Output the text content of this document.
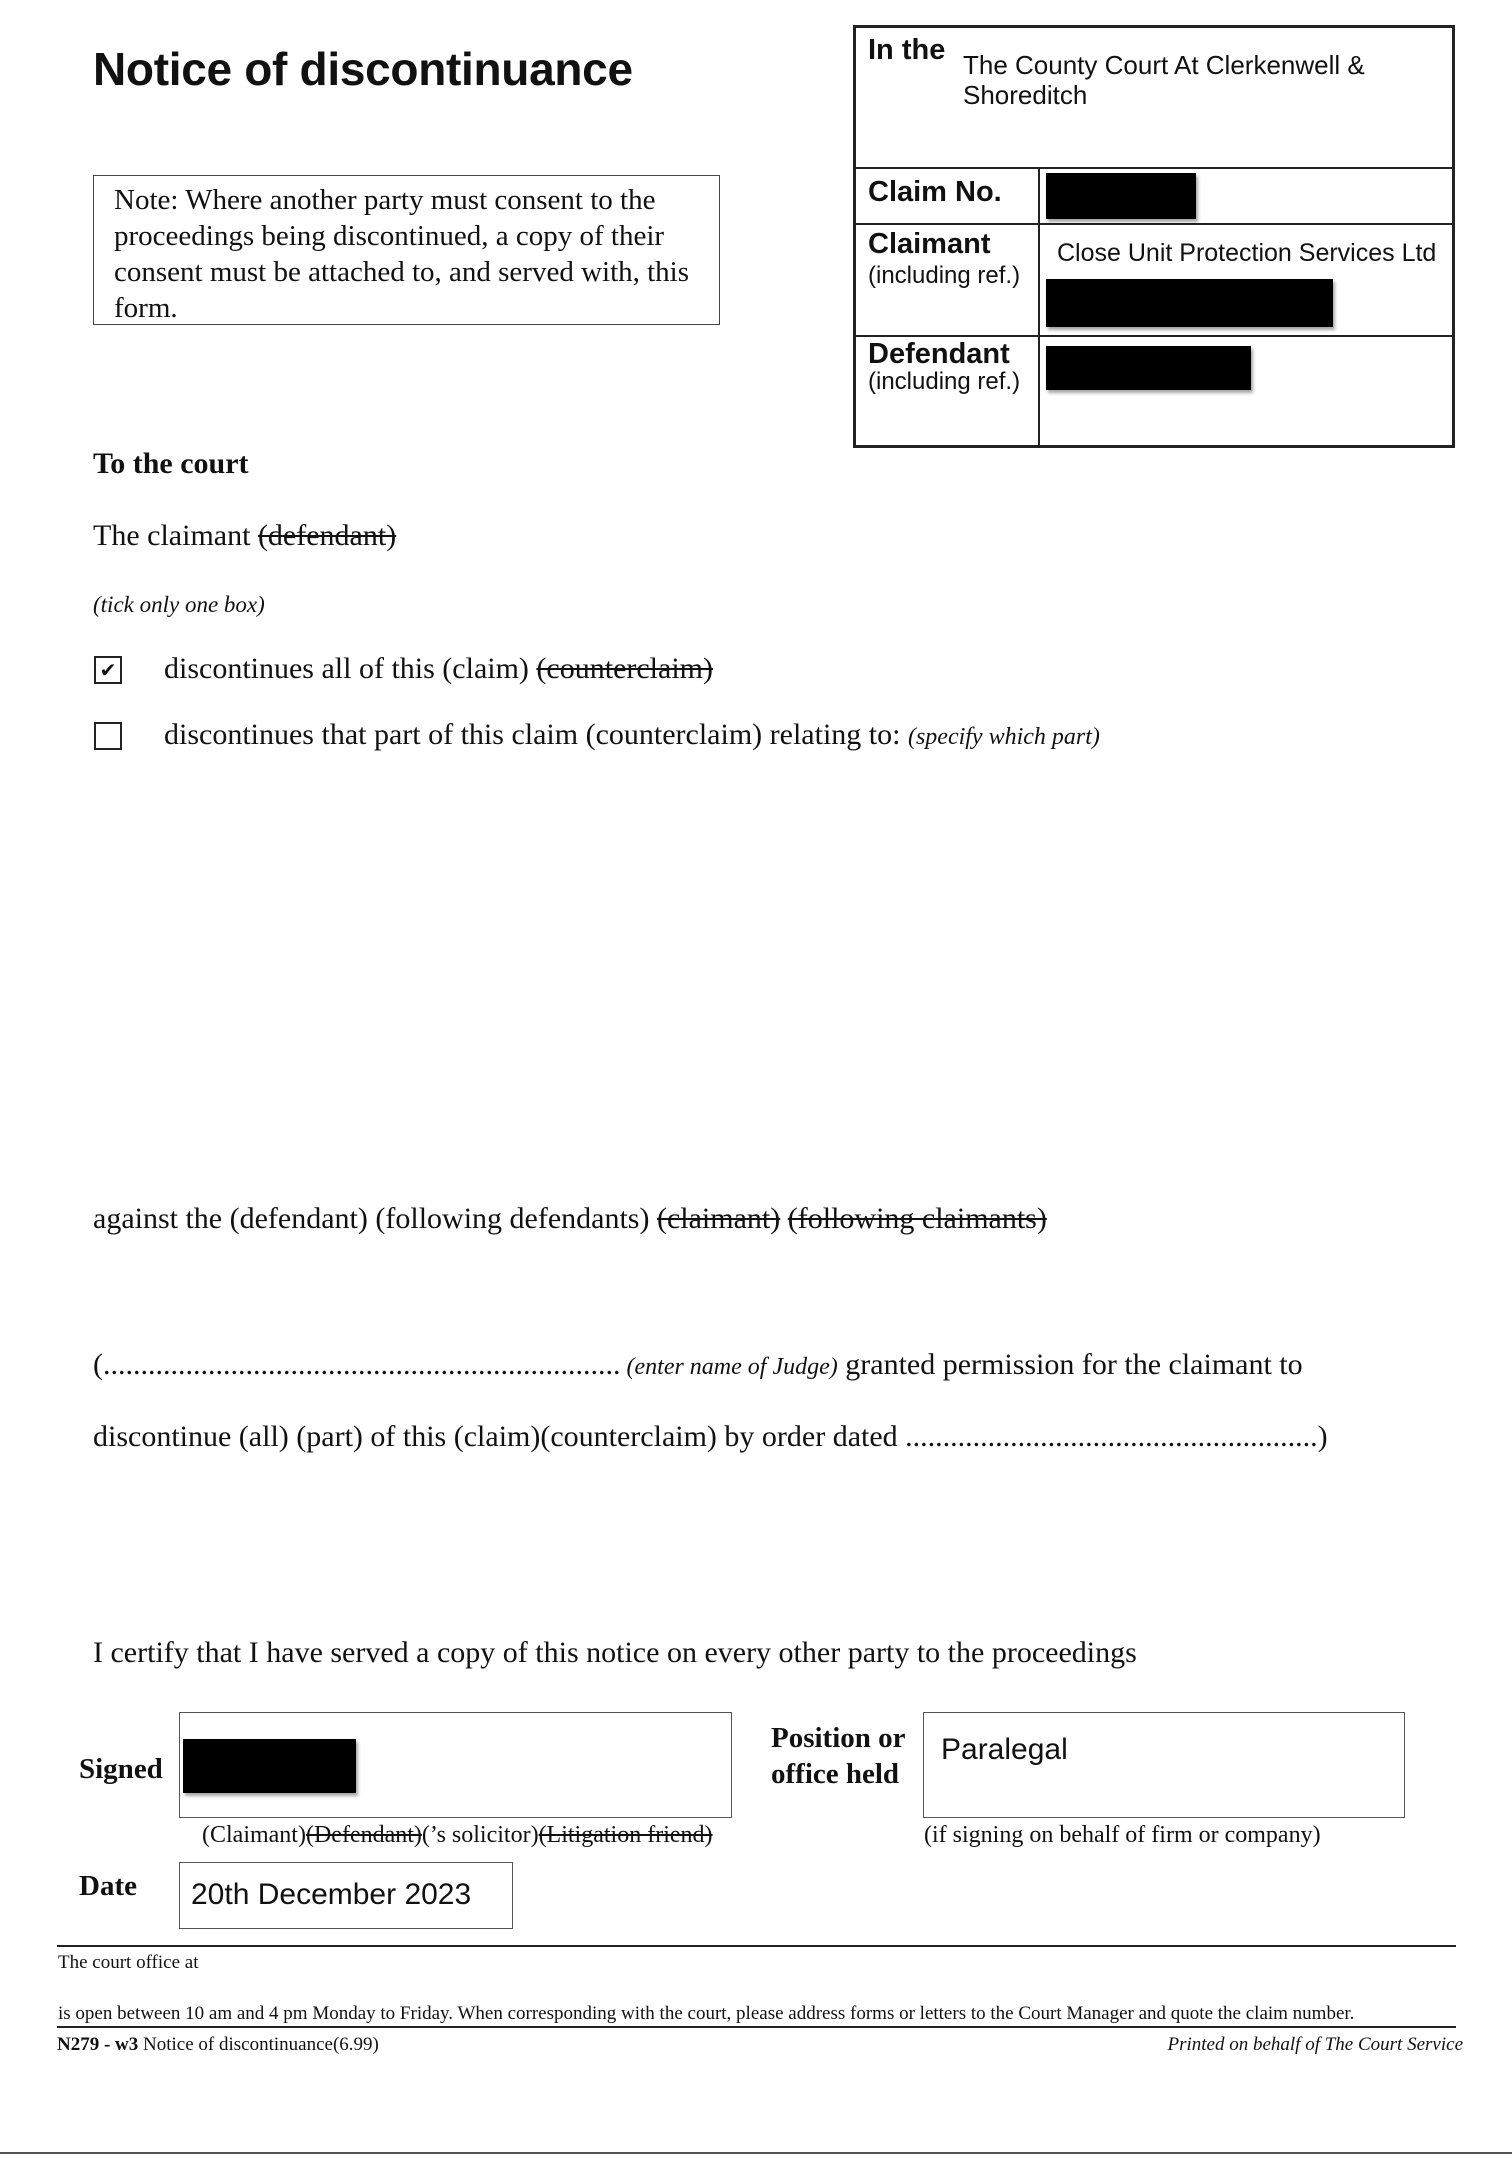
Notice of discontinuance
Note: Where another party must consent to the proceedings being discontinued, a copy of their consent must be attached to, and served with, this form.
In the The County Court At Clerkenwell &
Shoreditch
Claim No.
Claimant
(including ref.)
Close Unit Protection Services Ltd
Defendant
(including ref.)
To the court
The claimant (defendant)
(tick only one box)
✔ discontinues all of this (claim) (counterclaim)
discontinues that part of this claim (counterclaim) relating to: (specify which part)
against the (defendant) (following defendants) (claimant) (following claimants)
(..................................................................... (enter name of Judge) granted permission for the claimant to
discontinue (all) (part) of this (claim)(counterclaim) by order dated .......................................................)
I certify that I have served a copy of this notice on every other party to the proceedings
Signed
Position or
office held
Paralegal
(Claimant)(Defendant)(’s solicitor)(Litigation friend)	(if signing on behalf of firm or company)
Date 20th December 2023
The court office at
is open between 10 am and 4 pm Monday to Friday. When corresponding with the court, please address forms or letters to the Court Manager and quote the claim number.
N279 - w3 Notice of discontinuance(6.99)	Printed on behalf of The Court Service
